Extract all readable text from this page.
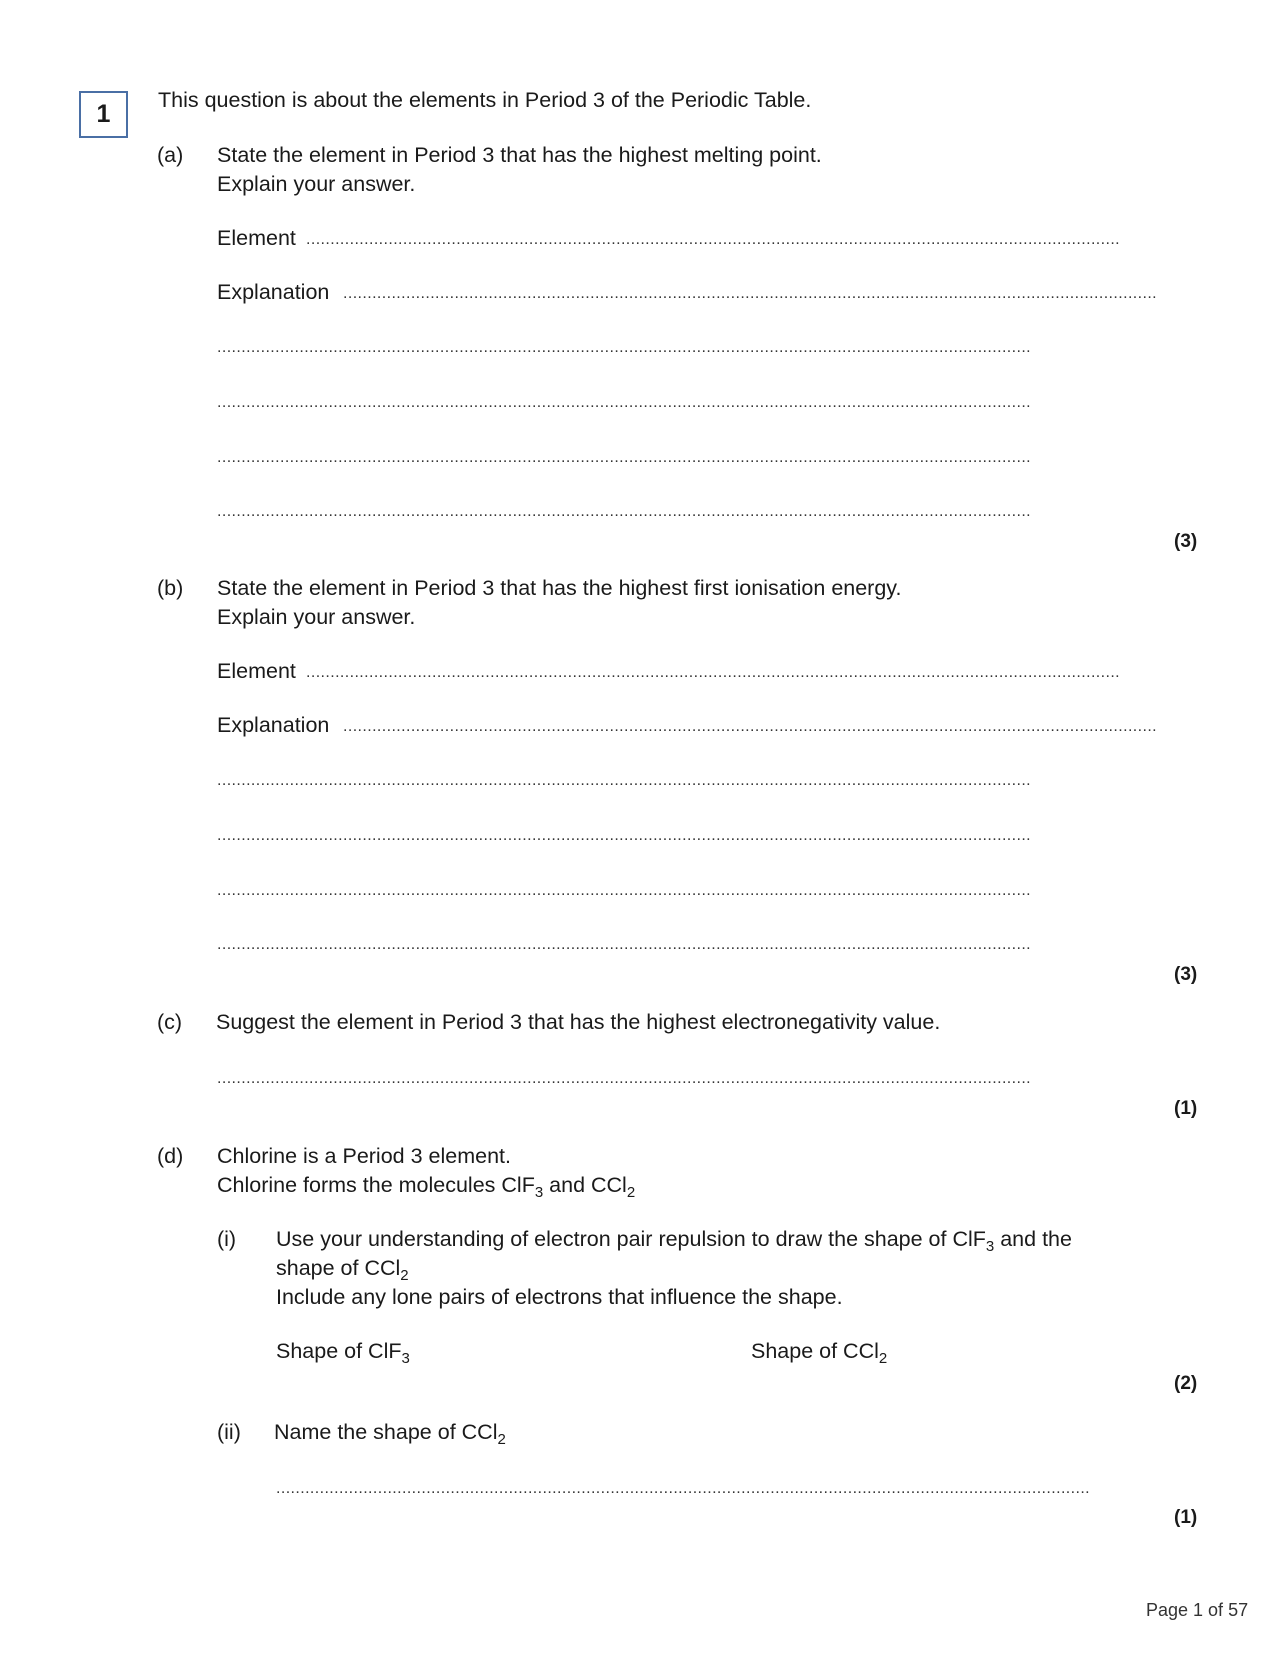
1 This question is about the elements in Period 3 of the Periodic Table.
(a) State the element in Period 3 that has the highest melting point.
Explain your answer.
Element ........................................................................................................................................................................
Explanation ........................................................................................................................................................................
........................................................................................................................................................................
........................................................................................................................................................................
........................................................................................................................................................................
........................................................................................................................................................................
(3)
(b) State the element in Period 3 that has the highest first ionisation energy.
Explain your answer.
Element ........................................................................................................................................................................
Explanation ........................................................................................................................................................................
........................................................................................................................................................................
........................................................................................................................................................................
........................................................................................................................................................................
........................................................................................................................................................................
(3)
(c) Suggest the element in Period 3 that has the highest electronegativity value.
........................................................................................................................................................................
(1)
(d) Chlorine is a Period 3 element.
Chlorine forms the molecules ClF$_3$ and CCl$_2$
(i) Use your understanding of electron pair repulsion to draw the shape of ClF$_3$ and the
shape of CCl$_2$
Include any lone pairs of electrons that influence the shape.
Shape of ClF$_3$	Shape of CCl$_2$
(2)
(ii) Name the shape of CCl$_2$
........................................................................................................................................................................
(1)
Page 1 of 57
